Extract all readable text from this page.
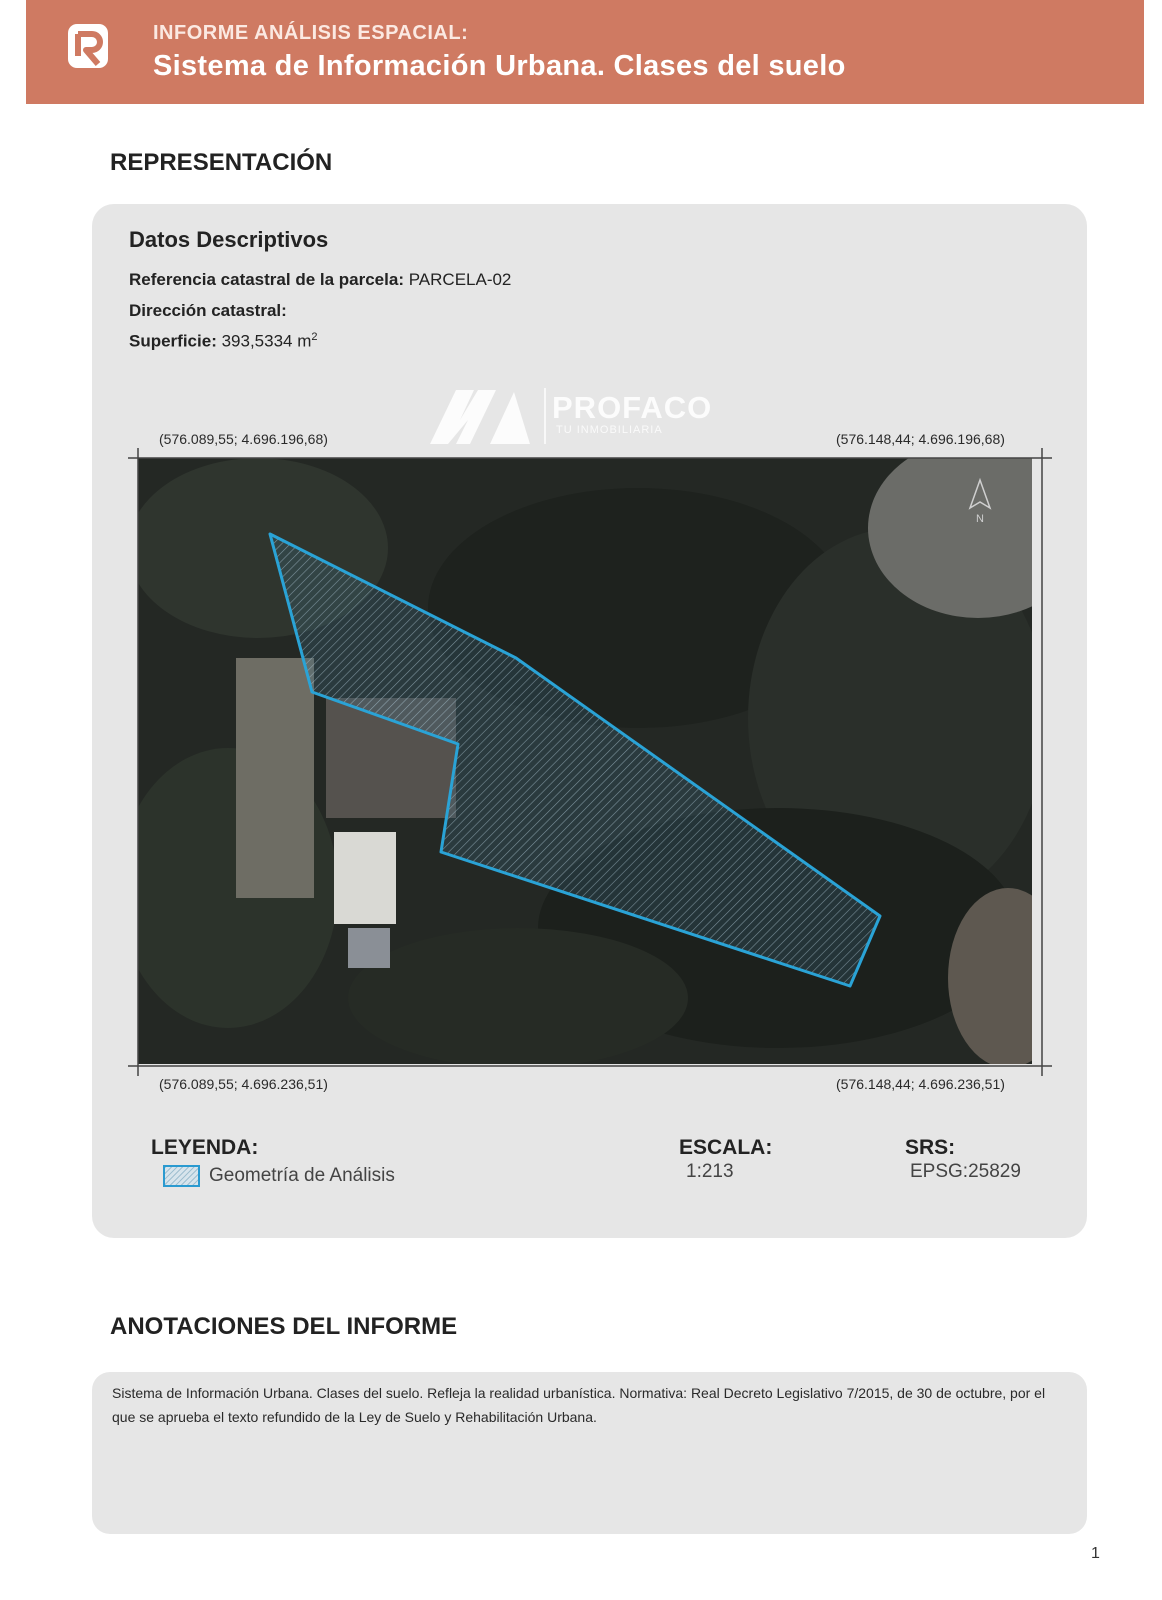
INFORME ANÁLISIS ESPACIAL:
Sistema de Información Urbana. Clases del suelo
REPRESENTACIÓN
Datos Descriptivos
Referencia catastral de la parcela: PARCELA-02
Dirección catastral:
Superficie: 393,5334 $m^2$
PROFACO
TU INMOBILIARIA
(576.089,55; 4.696.196,68)	(576.148,44; 4.696.196,68)
(576.089,55; 4.696.236,51)	(576.148,44; 4.696.236,51)
N
LEYENDA:
Geometría de Análisis
ESCALA:
1:213
SRS:
EPSG:25829
ANOTACIONES DEL INFORME
Sistema de Información Urbana. Clases del suelo. Refleja la realidad urbanística. Normativa: Real Decreto Legislativo 7/2015, de 30 de octubre, por el que se aprueba el texto refundido de la Ley de Suelo y Rehabilitación Urbana.
1
